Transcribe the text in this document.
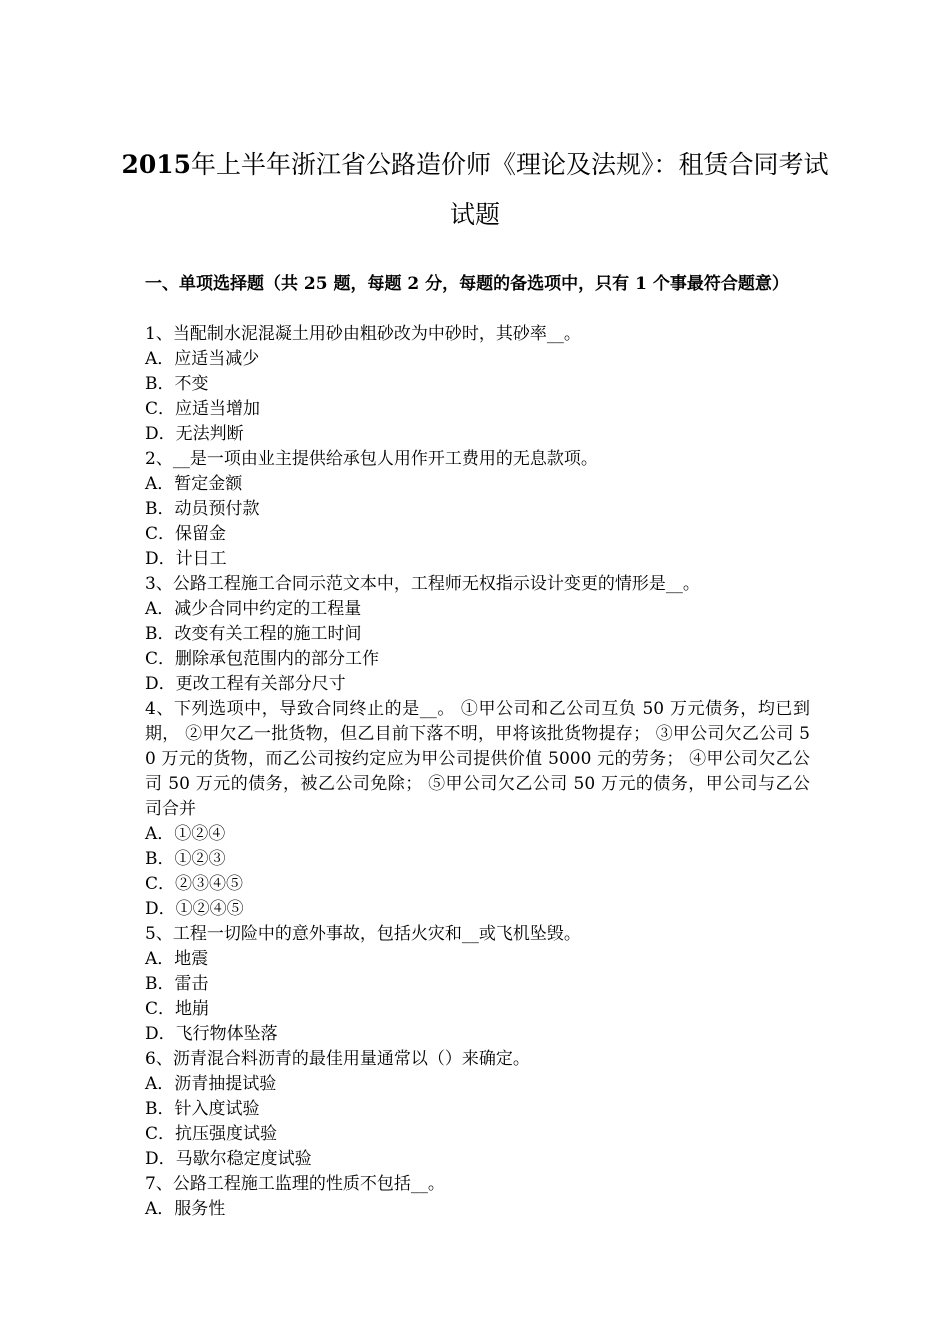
2015年上半年浙江省公路造价师《理论及法规》：租赁合同考试试题
一、单项选择题（共 25 题，每题 2 分，每题的备选项中，只有 1 个事最符合题意）
1、当配制水泥混凝土用砂由粗砂改为中砂时，其砂率__。
A．应适当减少
B．不变
C．应适当增加
D．无法判断
2、__是一项由业主提供给承包人用作开工费用的无息款项。
A．暂定金额
B．动员预付款
C．保留金
D．计日工
3、公路工程施工合同示范文本中，工程师无权指示设计变更的情形是__。
A．减少合同中约定的工程量
B．改变有关工程的施工时间
C．删除承包范围内的部分工作
D．更改工程有关部分尺寸
4、下列选项中，导致合同终止的是__。 ①甲公司和乙公司互负 50 万元债务，均已到期， ②甲欠乙一批货物，但乙目前下落不明，甲将该批货物提存； ③甲公司欠乙公司 50 万元的货物，而乙公司按约定应为甲公司提供价值 5000 元的劳务； ④甲公司欠乙公司 50 万元的债务，被乙公司免除； ⑤甲公司欠乙公司 50 万元的债务，甲公司与乙公司合并
A．①②④
B．①②③
C．②③④⑤
D．①②④⑤
5、工程一切险中的意外事故，包括火灾和__或飞机坠毁。
A．地震
B．雷击
C．地崩
D．飞行物体坠落
6、沥青混合料沥青的最佳用量通常以（）来确定。
A．沥青抽提试验
B．针入度试验
C．抗压强度试验
D．马歇尔稳定度试验
7、公路工程施工监理的性质不包括__。
A．服务性
